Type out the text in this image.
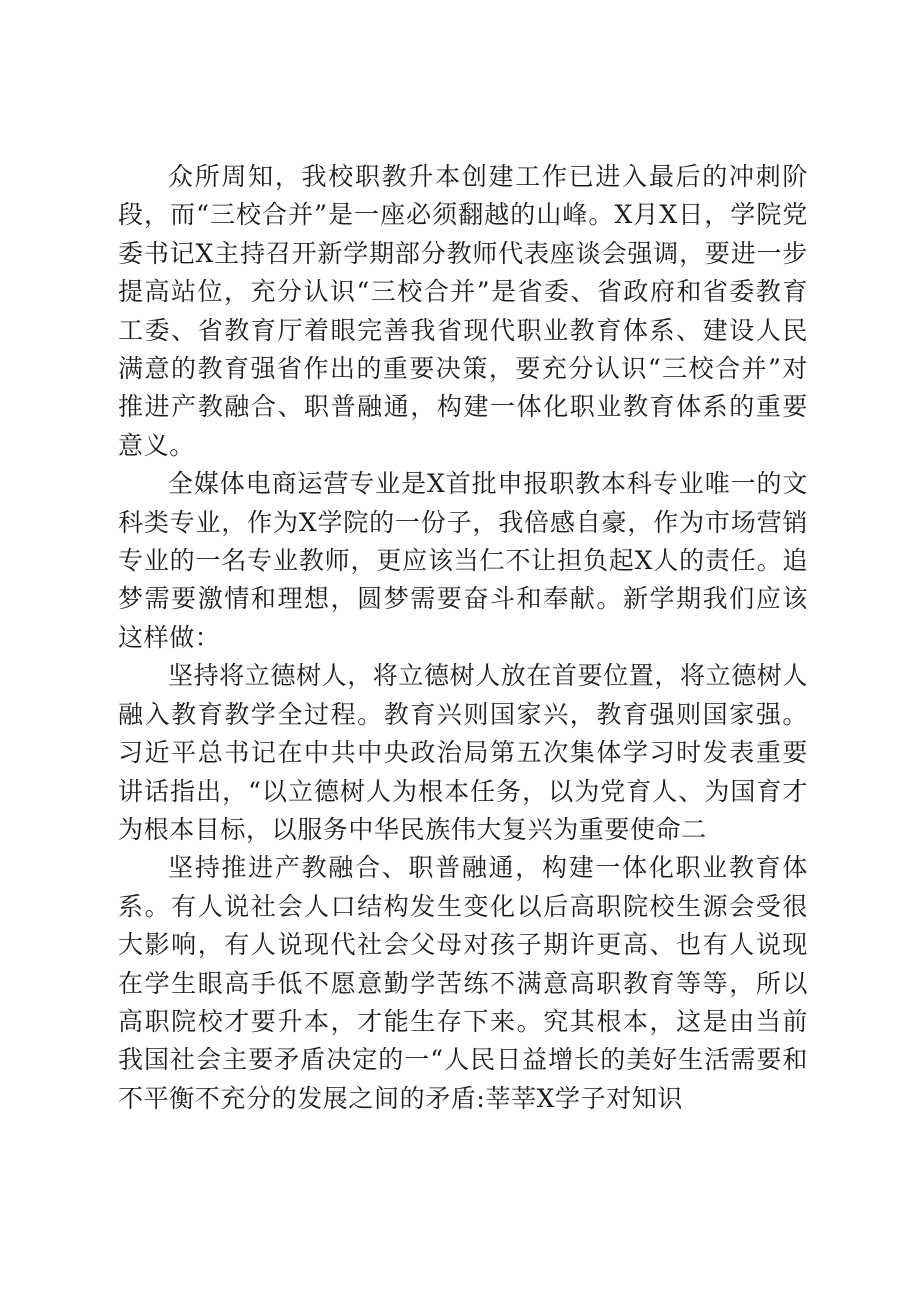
众所周知，我校职教升本创建工作已进入最后的冲刺阶段，而“三校合并”是一座必须翻越的山峰。X月X日，学院党委书记X主持召开新学期部分教师代表座谈会强调，要进一步提高站位，充分认识“三校合并”是省委、省政府和省委教育工委、省教育厅着眼完善我省现代职业教育体系、建设人民满意的教育强省作出的重要决策，要充分认识“三校合并”对推进产教融合、职普融通，构建一体化职业教育体系的重要意义。

全媒体电商运营专业是X首批申报职教本科专业唯一的文科类专业，作为X学院的一份子，我倍感自豪，作为市场营销专业的一名专业教师，更应该当仁不让担负起X人的责任。追梦需要激情和理想，圆梦需要奋斗和奉献。新学期我们应该这样做：

坚持将立德树人，将立德树人放在首要位置，将立德树人融入教育教学全过程。教育兴则国家兴，教育强则国家强。习近平总书记在中共中央政治局第五次集体学习时发表重要讲话指出，“以立德树人为根本任务，以为党育人、为国育才为根本目标，以服务中华民族伟大复兴为重要使命二

坚持推进产教融合、职普融通，构建一体化职业教育体系。有人说社会人口结构发生变化以后高职院校生源会受很大影响，有人说现代社会父母对孩子期许更高、也有人说现在学生眼高手低不愿意勤学苦练不满意高职教育等等，所以高职院校才要升本，才能生存下来。究其根本，这是由当前我国社会主要矛盾决定的一“人民日益增长的美好生活需要和不平衡不充分的发展之间的矛盾:莘莘X学子对知识
